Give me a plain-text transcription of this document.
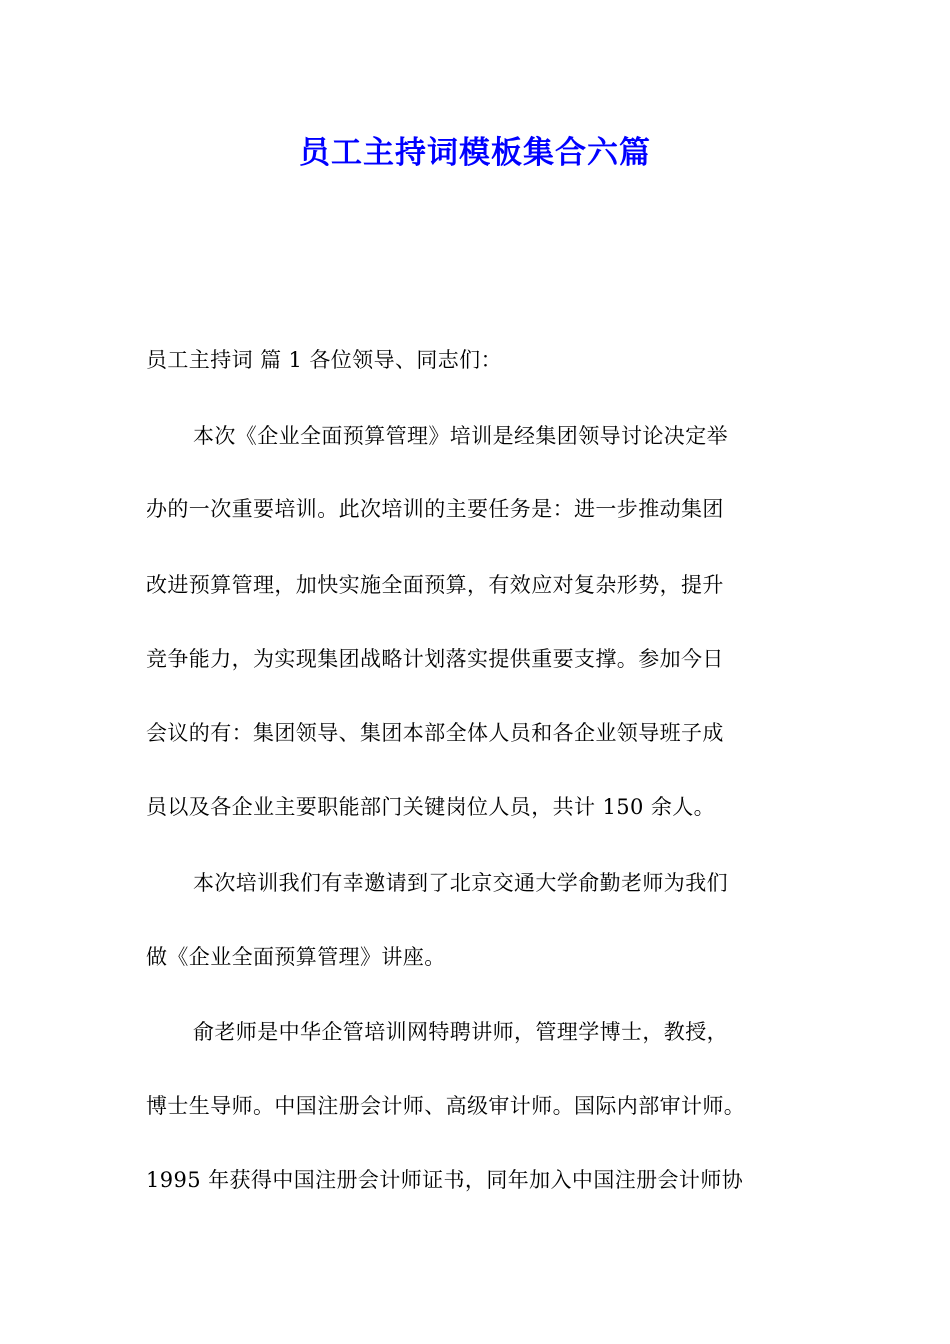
员工主持词模板集合六篇
员工主持词 篇 1 各位领导、同志们：
本次《企业全面预算管理》培训是经集团领导讨论决定举
办的一次重要培训。此次培训的主要任务是：进一步推动集团
改进预算管理，加快实施全面预算，有效应对复杂形势，提升
竞争能力，为实现集团战略计划落实提供重要支撑。参加今日
会议的有：集团领导、集团本部全体人员和各企业领导班子成
员以及各企业主要职能部门关键岗位人员，共计 150 余人。
本次培训我们有幸邀请到了北京交通大学俞勤老师为我们
做《企业全面预算管理》讲座。
俞老师是中华企管培训网特聘讲师，管理学博士，教授，
博士生导师。中国注册会计师、高级审计师。国际内部审计师。
1995 年获得中国注册会计师证书，同年加入中国注册会计师协
